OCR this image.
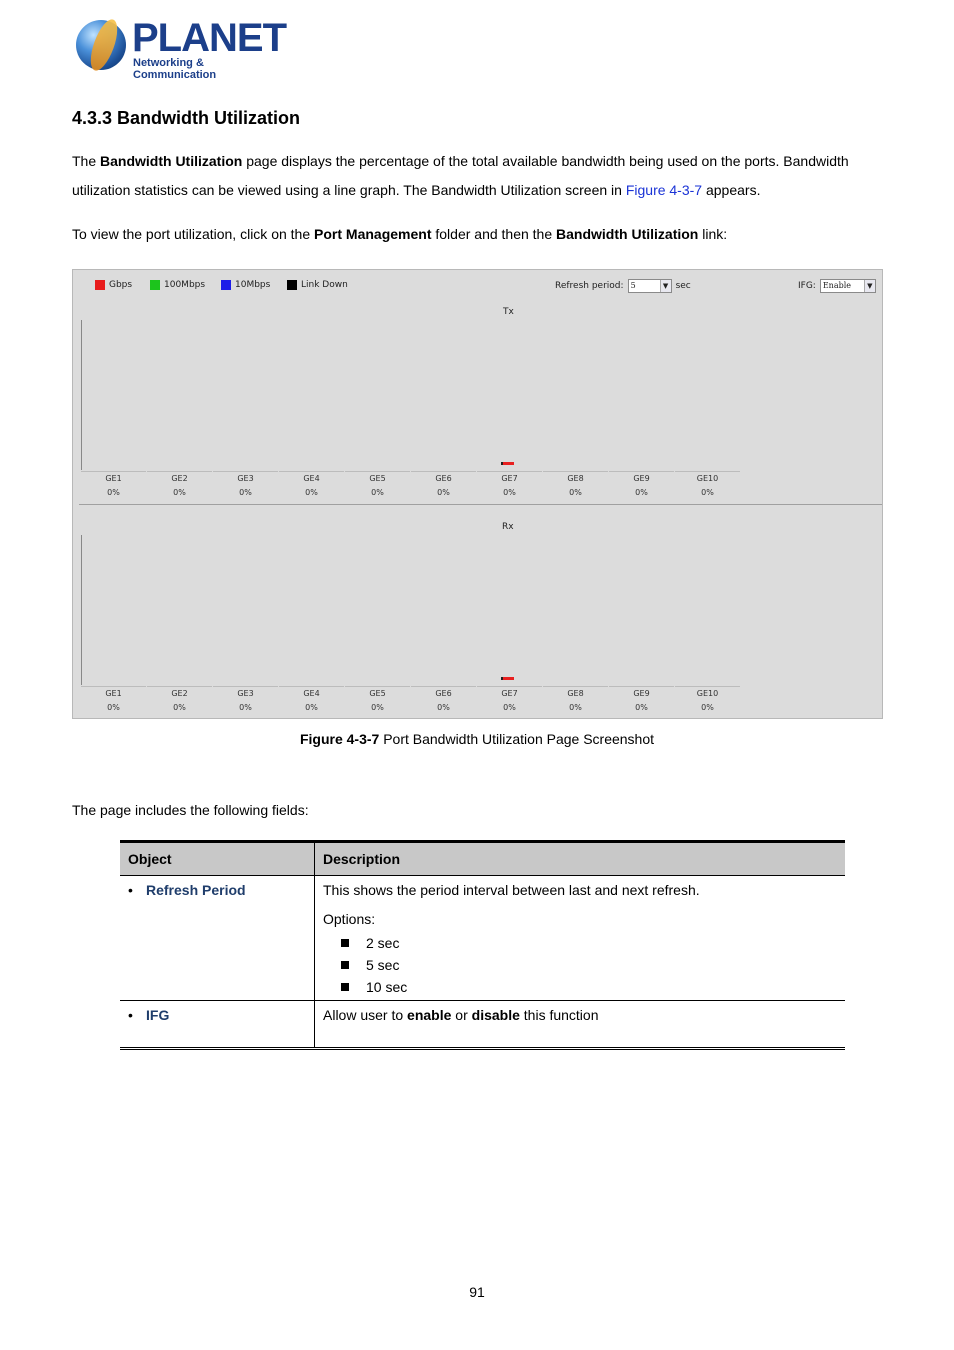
PLANET
Networking & Communication
4.3.3 Bandwidth Utilization
The Bandwidth Utilization page displays the percentage of the total available bandwidth being used on the ports. Bandwidth utilization statistics can be viewed using a line graph. The Bandwidth Utilization screen in Figure 4-3-7 appears.
To view the port utilization, click on the Port Management folder and then the Bandwidth Utilization link:
Gbps	100Mbps	10Mbps	Link Down	Refresh period: 5	▼ sec	IFG: Enable	▼
Tx
GE1
0%
GE2
0%
GE3
0%
GE4
0%
GE5
0%
GE6
0%
GE7
0%
GE8
0%
GE9
0%
GE10
0%
Rx
GE1
0%
GE2
0%
GE3
0%
GE4
0%
GE5
0%
GE6
0%
GE7
0%
GE8
0%
GE9
0%
GE10
0%
Figure 4-3-7 Port Bandwidth Utilization Page Screenshot
The page includes the following fields:
Object	Description
• Refresh Period	This shows the period interval between last and next refresh.
Options:
2 sec
5 sec
10 sec

• IFG	Allow user to enable or disable this function
91
